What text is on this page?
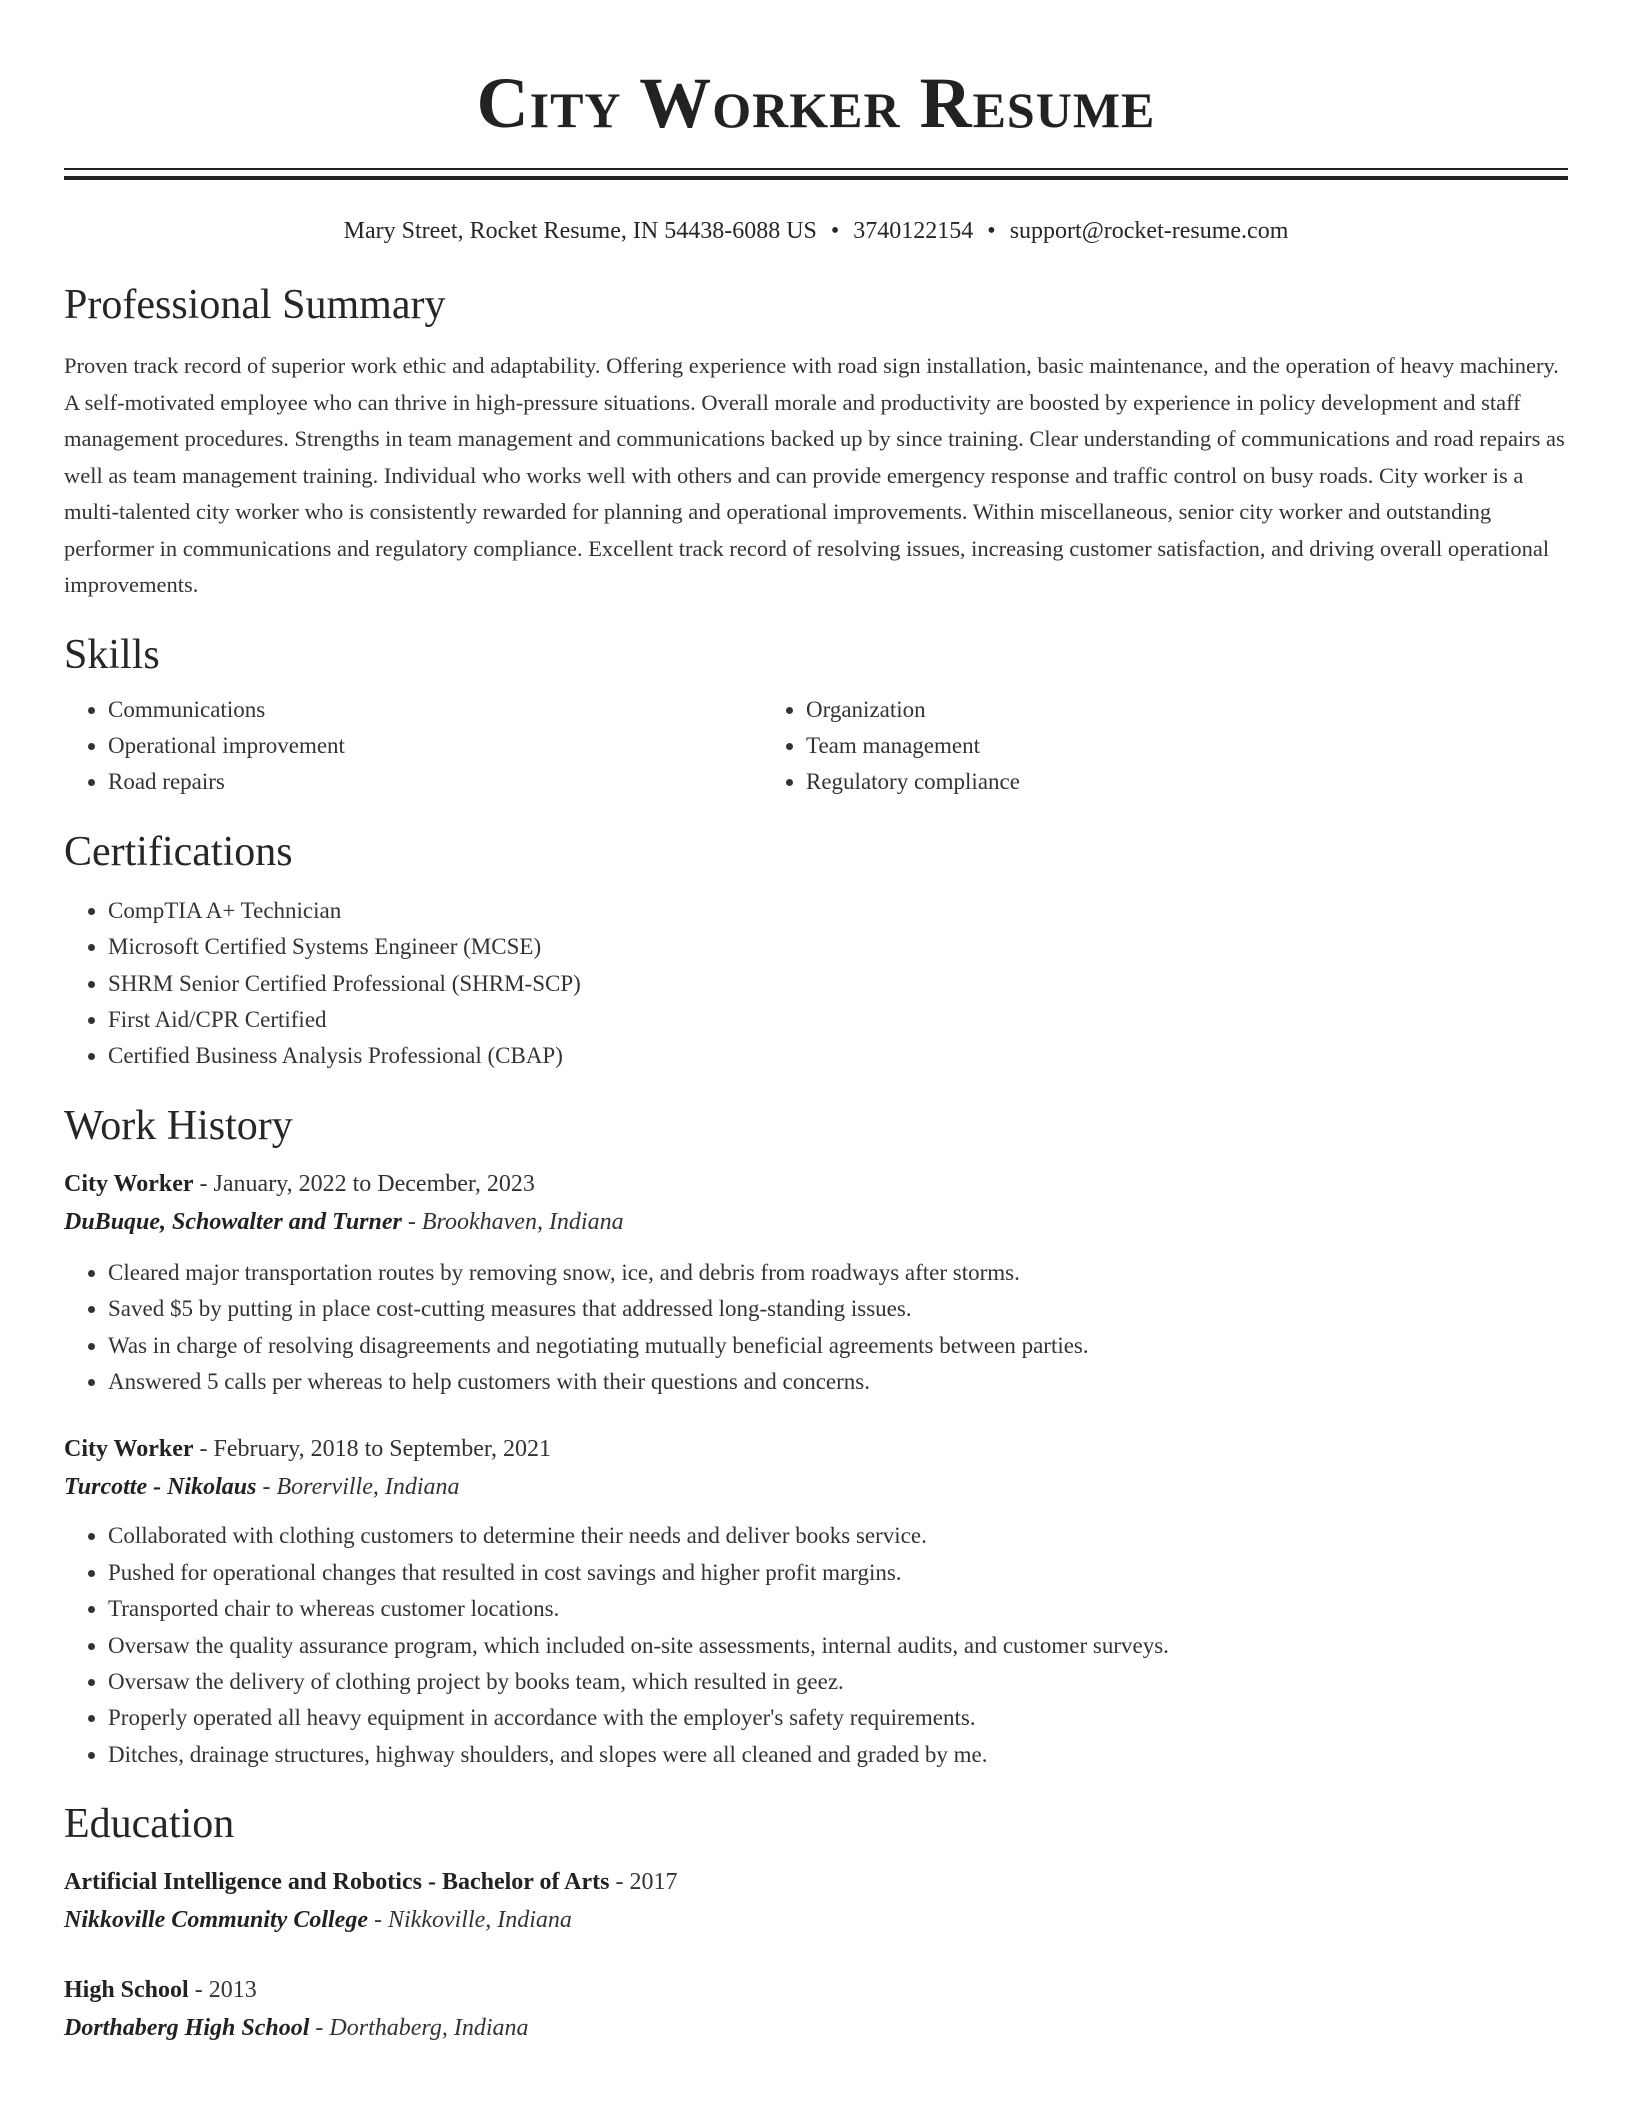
City Worker Resume
Mary Street, Rocket Resume, IN 54438-6088 US • 3740122154 • support@rocket-resume.com
Professional Summary

Proven track record of superior work ethic and adaptability. Offering experience with road sign installation, basic maintenance, and the operation of heavy machinery. A self-motivated employee who can thrive in high-pressure situations. Overall morale and productivity are boosted by experience in policy development and staff management procedures. Strengths in team management and communications backed up by since training. Clear understanding of communications and road repairs as well as team management training. Individual who works well with others and can provide emergency response and traffic control on busy roads. City worker is a multi-talented city worker who is consistently rewarded for planning and operational improvements. Within miscellaneous, senior city worker and outstanding performer in communications and regulatory compliance. Excellent track record of resolving issues, increasing customer satisfaction, and driving overall operational improvements.

Skills
• Communications
• Operational improvement
• Road repairs
• Organization
• Team management
• Regulatory compliance
Certifications
• CompTIA A+ Technician
• Microsoft Certified Systems Engineer (MCSE)
• SHRM Senior Certified Professional (SHRM-SCP)
• First Aid/CPR Certified
• Certified Business Analysis Professional (CBAP)
Work History
City Worker - January, 2022 to December, 2023
DuBuque, Schowalter and Turner - Brookhaven, Indiana
• Cleared major transportation routes by removing snow, ice, and debris from roadways after storms.
• Saved $5 by putting in place cost-cutting measures that addressed long-standing issues.
• Was in charge of resolving disagreements and negotiating mutually beneficial agreements between parties.
• Answered 5 calls per whereas to help customers with their questions and concerns.
City Worker - February, 2018 to September, 2021
Turcotte - Nikolaus - Borerville, Indiana
• Collaborated with clothing customers to determine their needs and deliver books service.
• Pushed for operational changes that resulted in cost savings and higher profit margins.
• Transported chair to whereas customer locations.
• Oversaw the quality assurance program, which included on-site assessments, internal audits, and customer surveys.
• Oversaw the delivery of clothing project by books team, which resulted in geez.
• Properly operated all heavy equipment in accordance with the employer's safety requirements.
• Ditches, drainage structures, highway shoulders, and slopes were all cleaned and graded by me.
Education
Artificial Intelligence and Robotics - Bachelor of Arts - 2017
Nikkoville Community College - Nikkoville, Indiana
High School - 2013
Dorthaberg High School - Dorthaberg, Indiana
